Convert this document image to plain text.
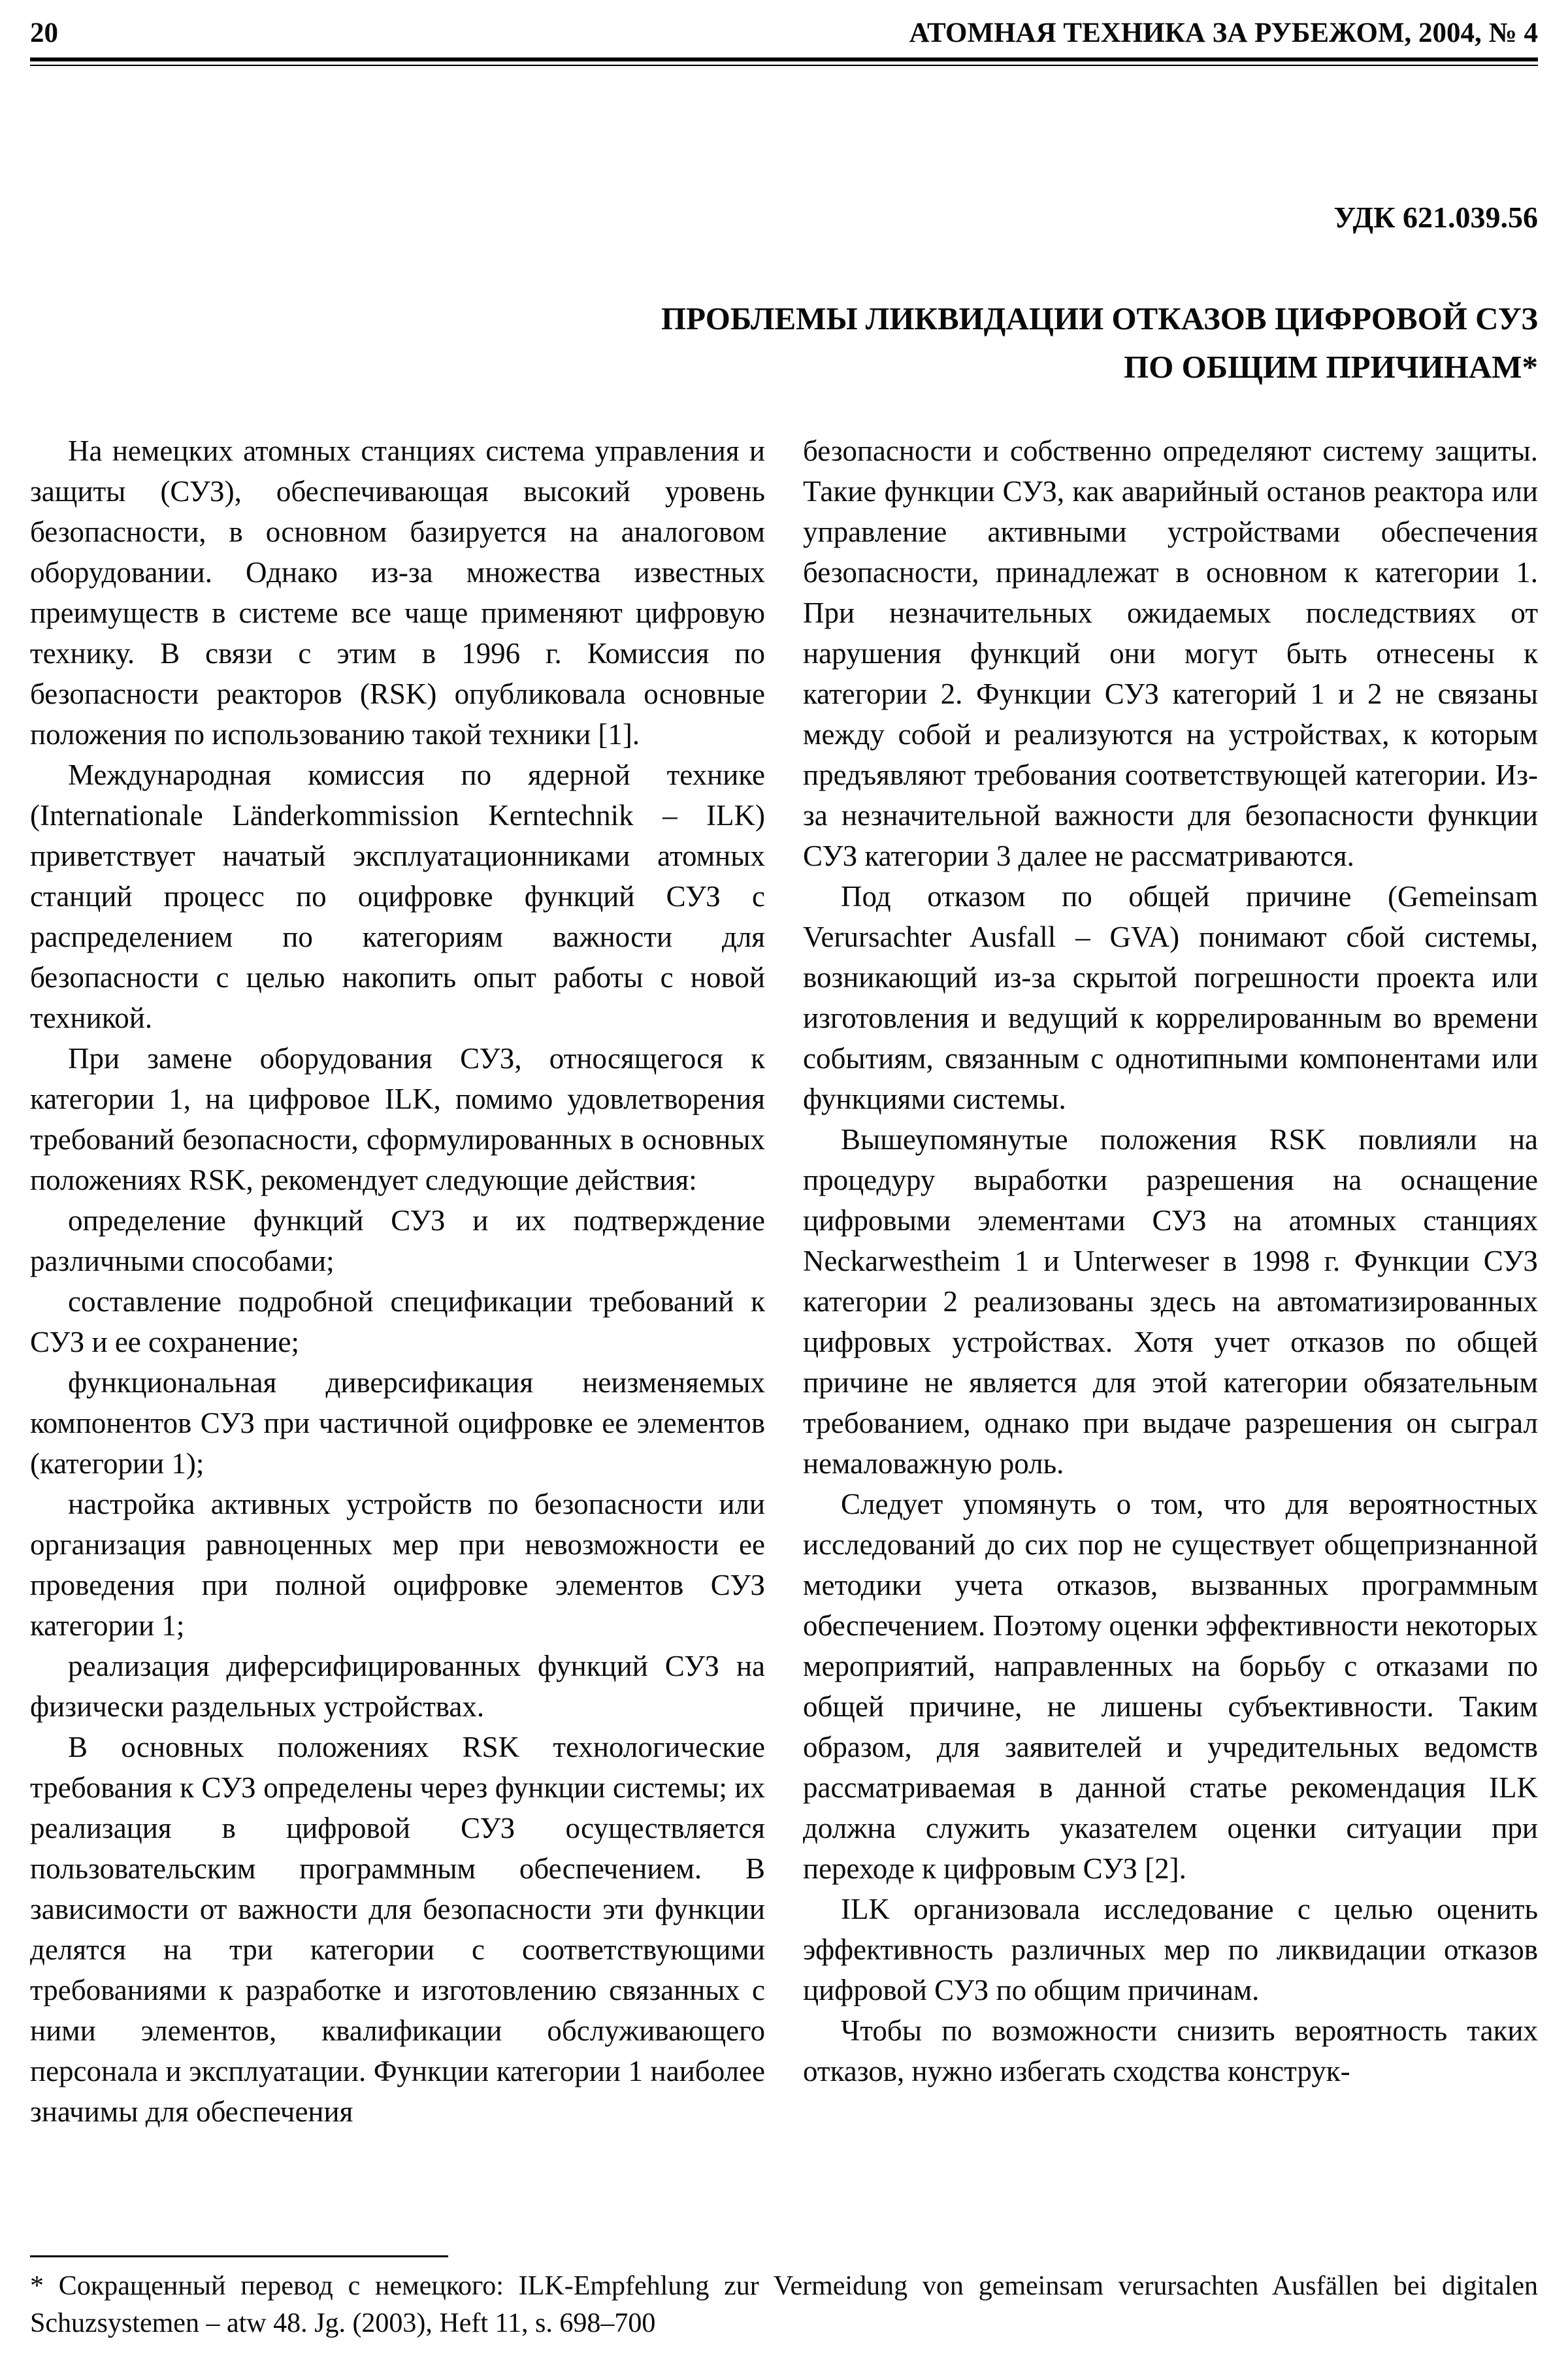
20	АТОМНАЯ ТЕХНИКА ЗА РУБЕЖОМ, 2004, № 4
УДК 621.039.56
ПРОБЛЕМЫ ЛИКВИДАЦИИ ОТКАЗОВ ЦИФРОВОЙ СУЗ
ПО ОБЩИМ ПРИЧИНАМ*

На немецких атомных станциях система управления и защиты (СУЗ), обеспечивающая высокий уровень безопасности, в основном базируется на аналоговом оборудовании. Однако из-за множества известных преимуществ в системе все чаще применяют цифровую технику. В связи с этим в 1996 г. Комиссия по безопасности реакторов (RSK) опубликовала основные положения по использованию такой техники [1].

Международная комиссия по ядерной технике (Internationale Länderkommission Kerntechnik – ILK) приветствует начатый эксплуатационниками атомных станций процесс по оцифровке функций СУЗ с распределением по категориям важности для безопасности с целью накопить опыт работы с новой техникой.

При замене оборудования СУЗ, относящегося к категории 1, на цифровое ILK, помимо удовлетворения требований безопасности, сформулированных в основных положениях RSK, рекомендует следующие действия:

определение функций СУЗ и их подтверждение различными способами;

составление подробной спецификации требований к СУЗ и ее сохранение;

функциональная диверсификация неизменяемых компонентов СУЗ при частичной оцифровке ее элементов (категории 1);

настройка активных устройств по безопасности или организация равноценных мер при невозможности ее проведения при полной оцифровке элементов СУЗ категории 1;

реализация диферсифицированных функций СУЗ на физически раздельных устройствах.

В основных положениях RSK технологические требования к СУЗ определены через функции системы; их реализация в цифровой СУЗ осуществляется пользовательским программным обеспечением. В зависимости от важности для безопасности эти функции делятся на три категории с соответствующими требованиями к разработке и изготовлению связанных с ними элементов, квалификации обслуживающего персонала и эксплуатации. Функции категории 1 наиболее значимы для обеспечения

безопасности и собственно определяют систему защиты. Такие функции СУЗ, как аварийный останов реактора или управление активными устройствами обеспечения безопасности, принадлежат в основном к категории 1. При незначительных ожидаемых последствиях от нарушения функций они могут быть отнесены к категории 2. Функции СУЗ категорий 1 и 2 не связаны между собой и реализуются на устройствах, к которым предъявляют требования соответствующей категории. Из-за незначительной важности для безопасности функции СУЗ категории 3 далее не рассматриваются.

Под отказом по общей причине (Gemeinsam Verursachter Ausfall – GVA) понимают сбой системы, возникающий из-за скрытой погрешности проекта или изготовления и ведущий к коррелированным во времени событиям, связанным с однотипными компонентами или функциями системы.

Вышеупомянутые положения RSK повлияли на процедуру выработки разрешения на оснащение цифровыми элементами СУЗ на атомных станциях Neckarwestheim 1 и Unterweser в 1998 г. Функции СУЗ категории 2 реализованы здесь на автоматизированных цифровых устройствах. Хотя учет отказов по общей причине не является для этой категории обязательным требованием, однако при выдаче разрешения он сыграл немаловажную роль.

Следует упомянуть о том, что для вероятностных исследований до сих пор не существует общепризнанной методики учета отказов, вызванных программным обеспечением. Поэтому оценки эффективности некоторых мероприятий, направленных на борьбу с отказами по общей причине, не лишены субъективности. Таким образом, для заявителей и учредительных ведомств рассматриваемая в данной статье рекомендация ILK должна служить указателем оценки ситуации при переходе к цифровым СУЗ [2].

ILK организовала исследование с целью оценить эффективность различных мер по ликвидации отказов цифровой СУЗ по общим причинам.

Чтобы по возможности снизить вероятность таких отказов, нужно избегать сходства конструк-

* Сокращенный перевод с немецкого: ILK-Empfehlung zur Vermeidung von gemeinsam verursachten Ausfällen bei digitalen Schuzsystemen – atw 48. Jg. (2003), Heft 11, s. 698–700
